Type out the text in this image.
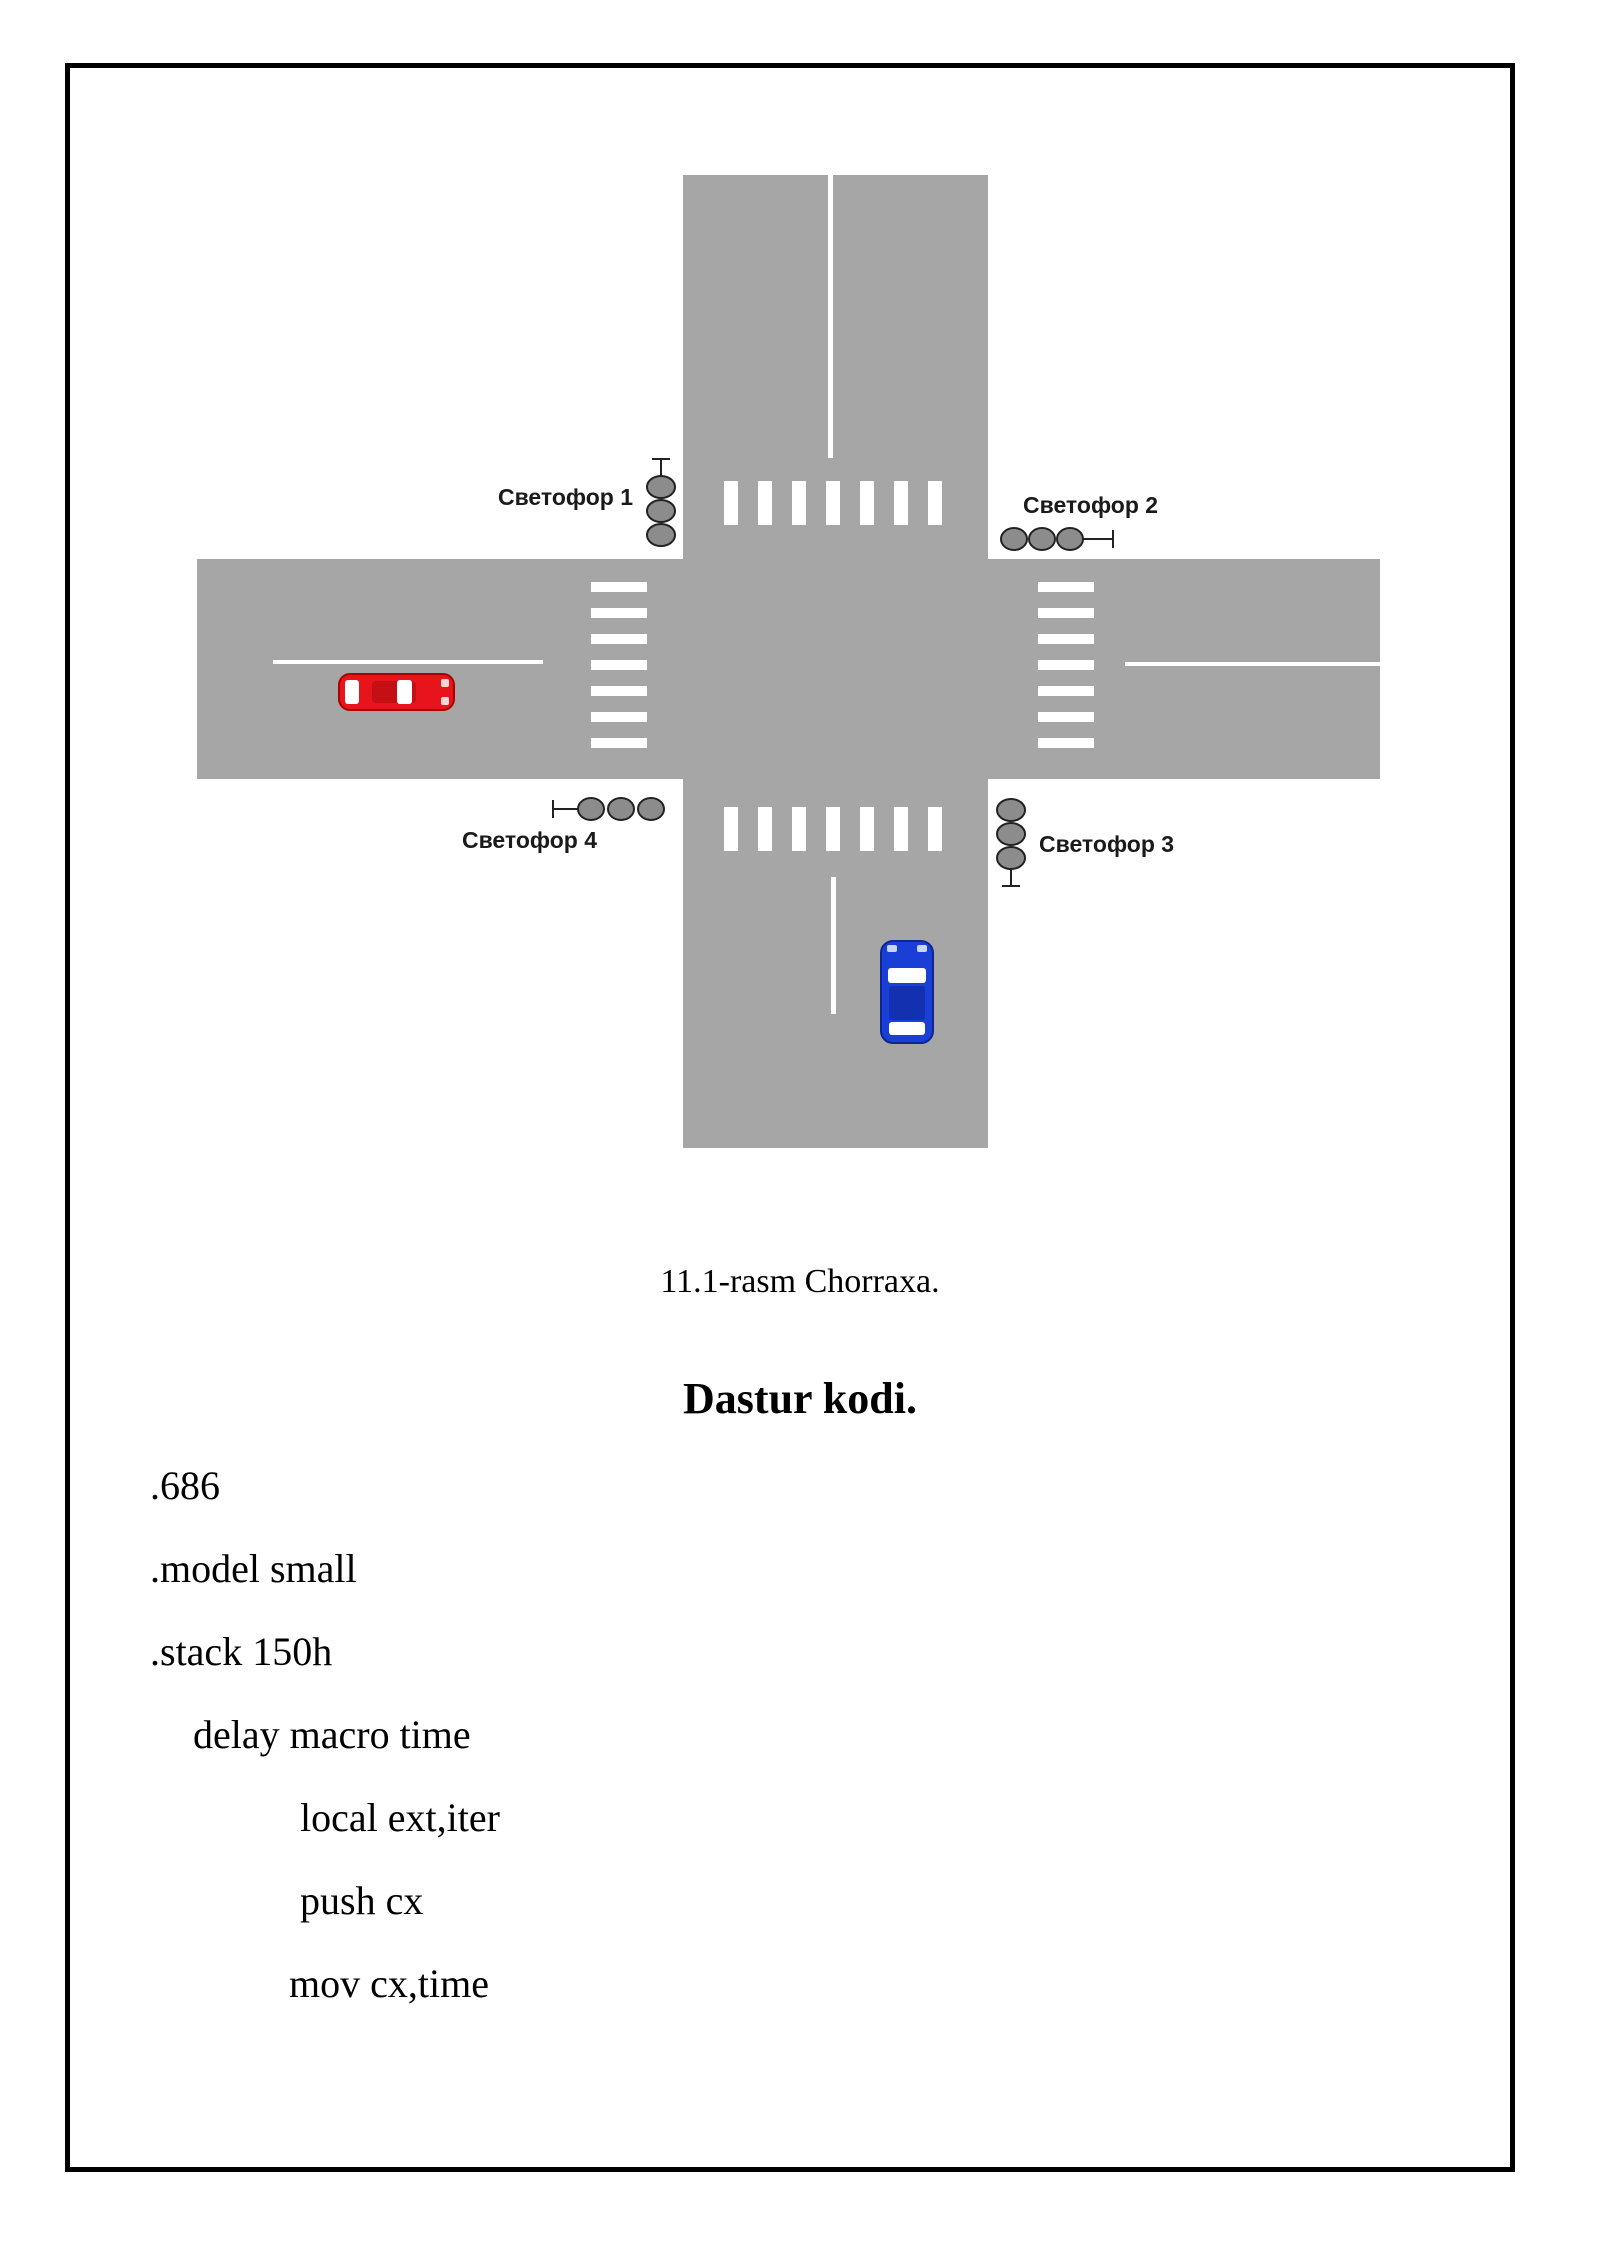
Светофор 1	Светофор 2
Светофор 3
Светофор 4
11.1-rasm Chorraxa.
Dastur kodi.
.686
.model small
.stack 150h
delay macro time
local ext,iter
push cx
mov cx,time
